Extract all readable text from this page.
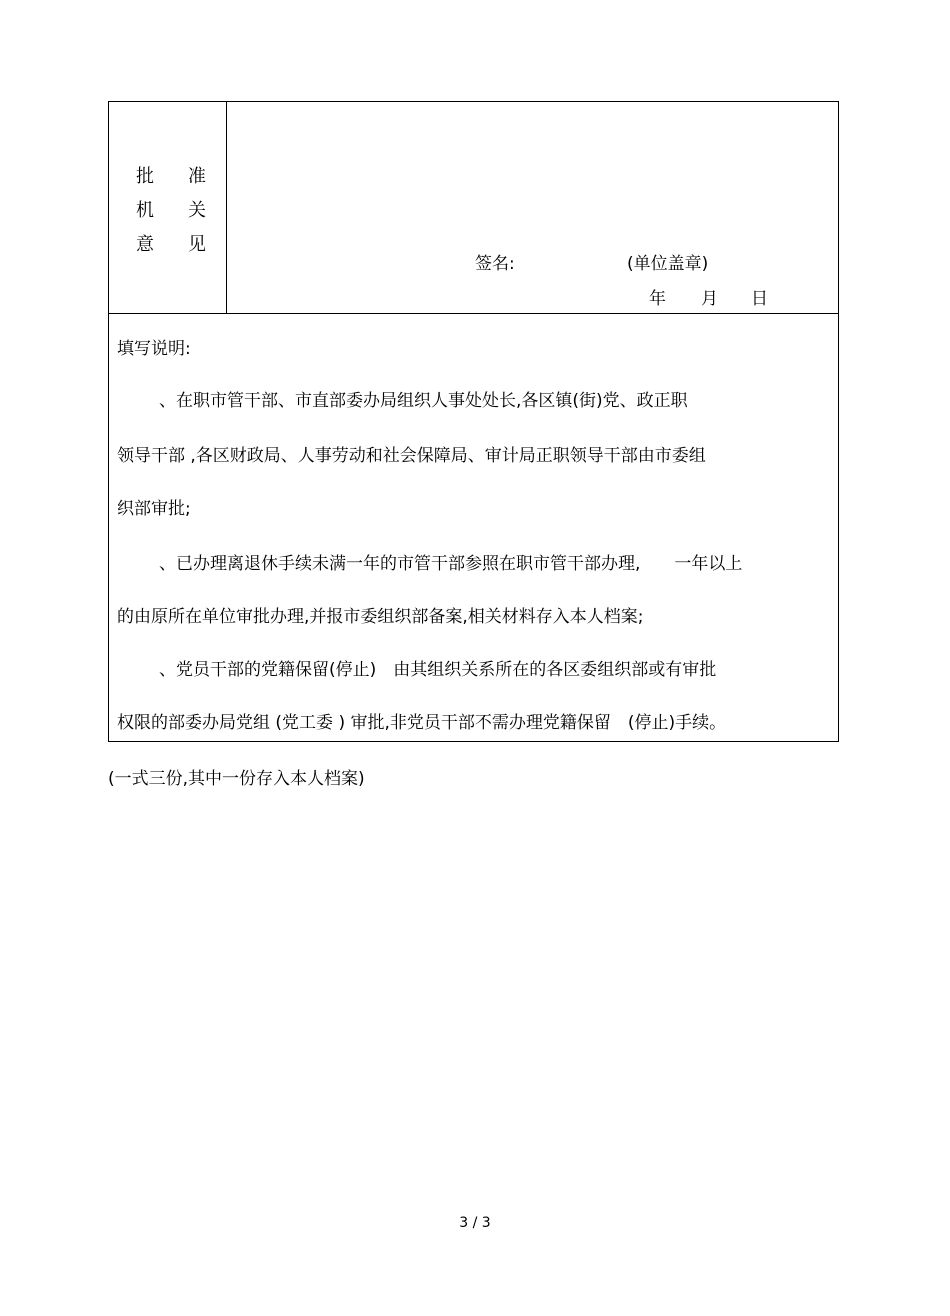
批 准
机 关
意 见
签名:	(单位盖章)
年 月 日
填写说明:
、在职市管干部、市直部委办局组织人事处处长,各区镇(街)党、政正职
领导干部 ,各区财政局、人事劳动和社会保障局、审计局正职领导干部由市委组
织部审批;
、已办理离退休手续未满一年的市管干部参照在职市管干部办理,　　一年以上
的由原所在单位审批办理,并报市委组织部备案,相关材料存入本人档案;
、党员干部的党籍保留(停止)　由其组织关系所在的各区委组织部或有审批
权限的部委办局党组 (党工委 ) 审批,非党员干部不需办理党籍保留　(停止)手续。
(一式三份,其中一份存入本人档案)
3 / 3
